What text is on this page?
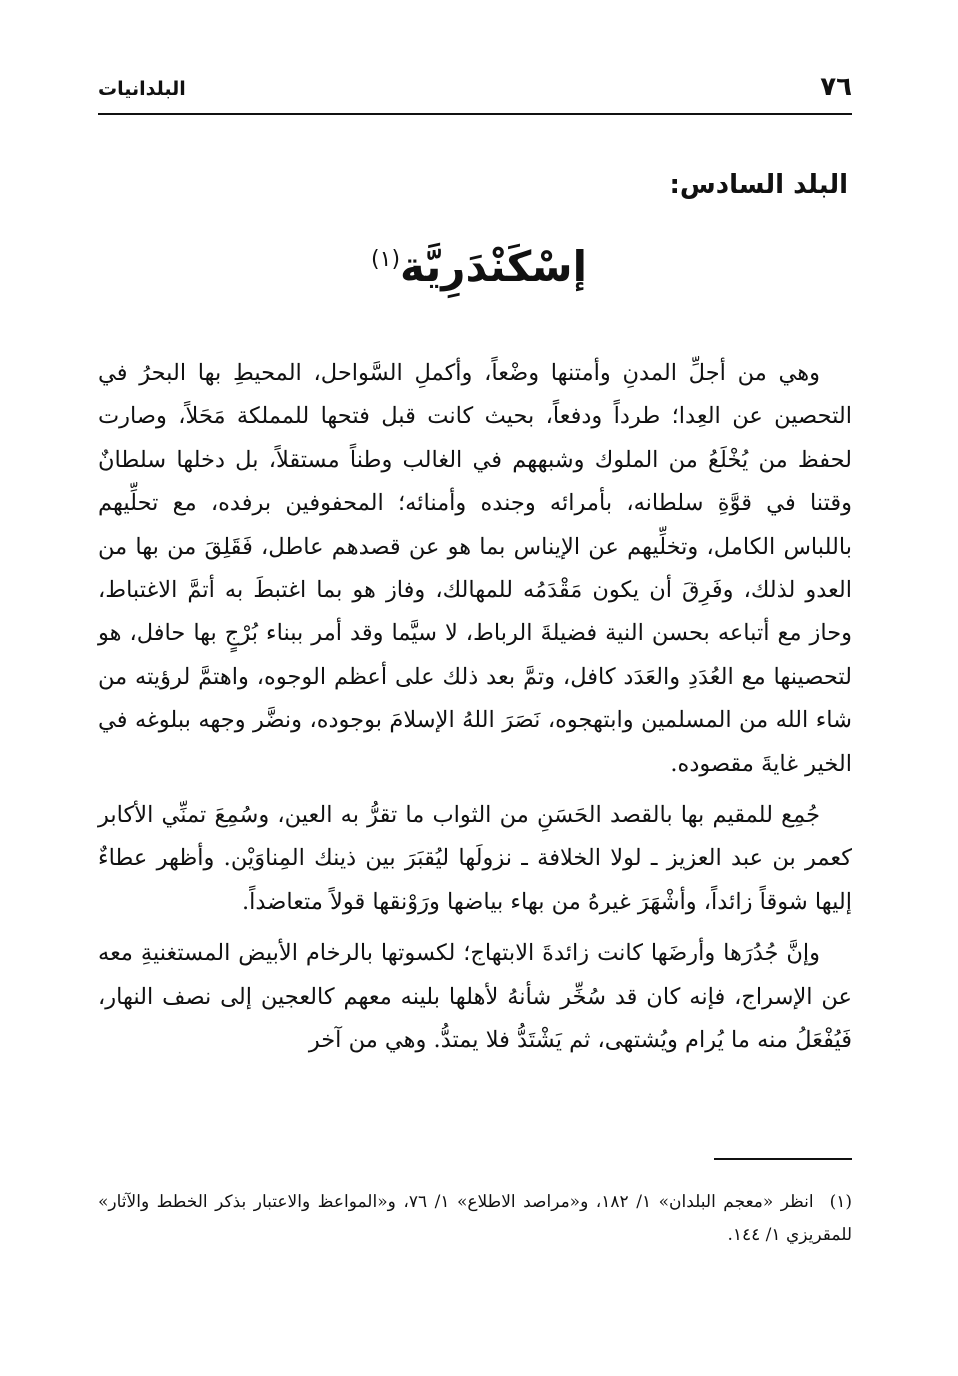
٧٦
البلدانيات
البلد السادس:
إسْكَنْدَرِيَّة$^{(١)}$

وهي من أجلِّ المدنِ وأمتنها وضْعاً، وأكملِ السَّواحل، المحيطِ بها البحرُ في التحصين عن العِدا؛ طرداً ودفعاً، بحيث كانت قبل فتحها للمملكة مَحَلاً، وصارت لحفظ من يُخْلَعُ من الملوك وشبههم في الغالب وطناً مستقلاً، بل دخلها سلطانٌ وقتنا في قوَّةِ سلطانه، بأمرائه وجنده وأمنائه؛ المحفوفين برفده، مع تحلِّيهم باللباس الكامل، وتخلِّيهم عن الإيناس بما هو عن قصدهم عاطل، فَقَلِقَ من بها من العدو لذلك، وفَرِقَ أن يكون مَقْدَمُه للمهالك، وفاز هو بما اغتبطَ به أتمَّ الاغتباط، وحاز مع أتباعه بحسن النية فضيلةَ الرباط، لا سيَّما وقد أمر ببناء بُرْجٍ بها حافل، هو لتحصينها مع العُدَدِ والعَدَد كافل، وتمَّ بعد ذلك على أعظم الوجوه، واهتمَّ لرؤيته من شاء الله من المسلمين وابتهجوه، نَصَرَ اللهُ الإسلامَ بوجوده، ونضَّر وجهه ببلوغه في الخير غايةَ مقصوده.

جُمِع للمقيم بها بالقصد الحَسَنِ من الثواب ما تقرُّ به العين، وسُمِعَ تمنِّي الأكابر كعمر بن عبد العزيز ـ لولا الخلافة ـ نزولَها ليُقبَرَ بين ذينك المِناوَيْن. وأظهر عطاءٌ إليها شوقاً زائداً، وأشْهَرَ غيرهُ من بهاء بياضها ورَوْنقها قولاً متعاضداً.

وإنَّ جُدُرَها وأرضَها كانت زائدةَ الابتهاج؛ لكسوتها بالرخام الأبيض المستغنيةِ معه عن الإسراج، فإنه كان قد سُخِّر شأنهُ لأهلها بلينه معهم كالعجين إلى نصف النهار، فَيُفْعَلُ منه ما يُرام ويُشتهى، ثم يَشْتَدُّ فلا يمتدُّ. وهي من آخر

(١)انظر «معجم البلدان» ١/ ١٨٢، و«مراصد الاطلاع» ١/ ٧٦، و«المواعظ والاعتبار بذكر الخطط والآثار» للمقريزي ١/ ١٤٤.
